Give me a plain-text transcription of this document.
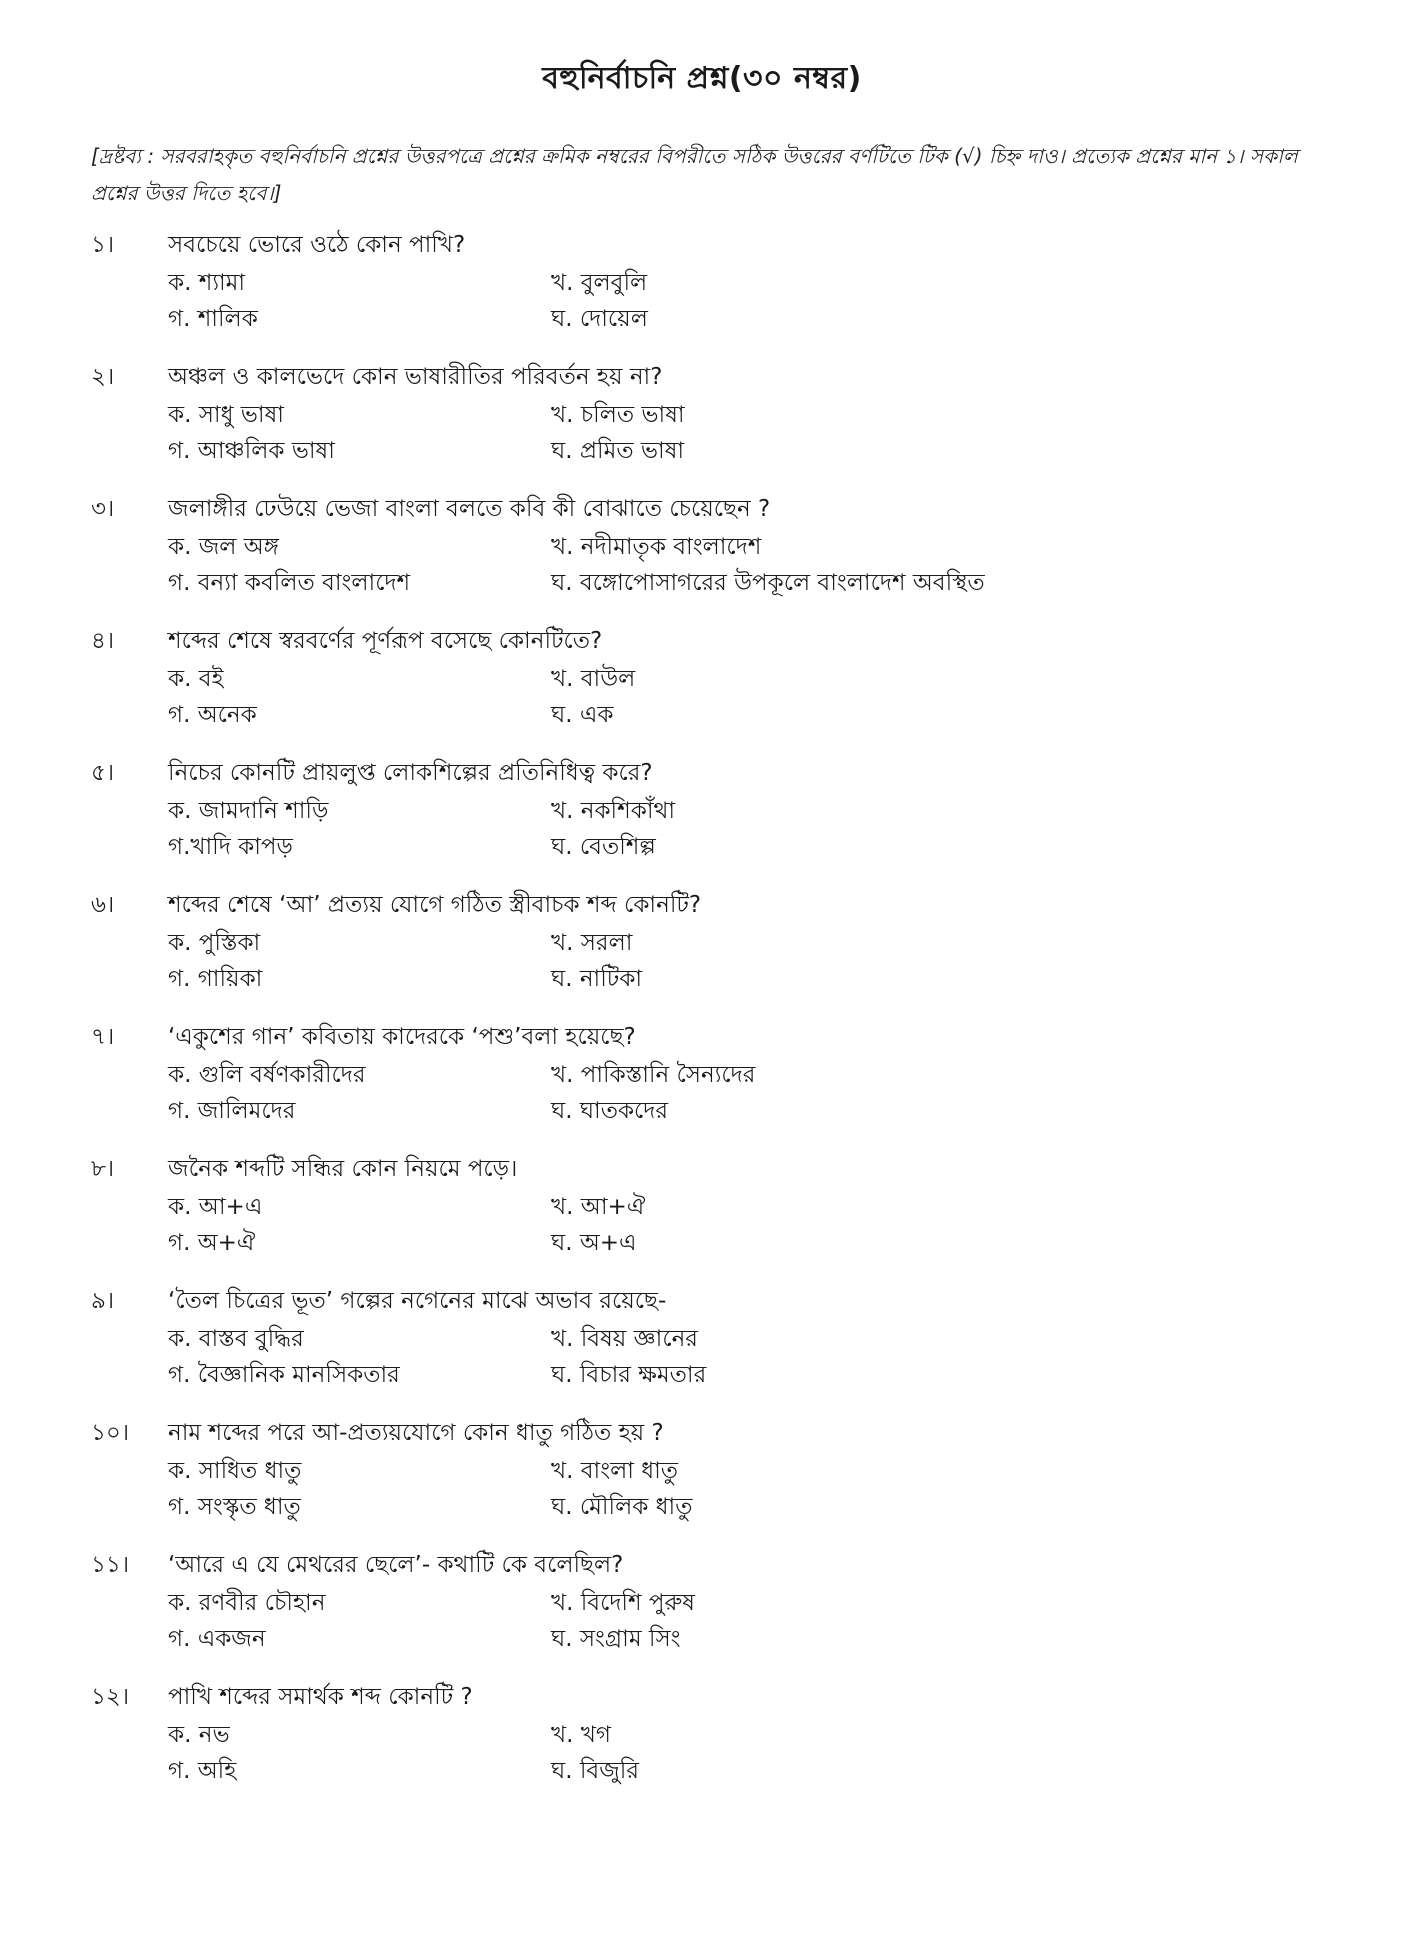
বহুনির্বাচনি প্রশ্ন(৩০ নম্বর)
[দ্রষ্টব্য : সরবরাহকৃত বহুনির্বাচনি প্রশ্নের উত্তরপত্রে প্রশ্নের ক্রমিক নম্বরের বিপরীতে সঠিক উত্তরের বর্ণটিতে টিক (√) চিহ্ন দাও। প্রত্যেক প্রশ্নের মান ১। সকাল প্রশ্নের উত্তর দিতে হবে।]
১।	সবচেয়ে ভোরে ওঠে কোন পাখি?
ক. শ্যামা	খ. বুলবুলি
গ. শালিক	ঘ. দোয়েল
২।	অঞ্চল ও কালভেদে কোন ভাষারীতির পরিবর্তন হয় না?
ক. সাধু ভাষা	খ. চলিত ভাষা
গ. আঞ্চলিক ভাষা	ঘ. প্রমিত ভাষা
৩।	জলাঙ্গীর ঢেউয়ে ভেজা বাংলা বলতে কবি কী বোঝাতে চেয়েছেন ?
ক. জল অঙ্গ	খ. নদীমাতৃক বাংলাদেশ
গ. বন্যা কবলিত বাংলাদেশ	ঘ. বঙ্গোপোসাগরের উপকূলে বাংলাদেশ অবস্থিত
৪।	শব্দের শেষে স্বরবর্ণের পূর্ণরূপ বসেছে কোনটিতে?
ক. বই	খ. বাউল
গ. অনেক	ঘ. এক
৫।	নিচের কোনটি প্রায়লুপ্ত লোকশিল্পের প্রতিনিধিত্ব করে?
ক. জামদানি শাড়ি	খ. নকশিকাঁথা
গ.খাদি কাপড়	ঘ. বেতশিল্প
৬।	শব্দের শেষে ‘আ’ প্রত্যয় যোগে গঠিত স্ত্রীবাচক শব্দ কোনটি?
ক. পুস্তিকা	খ. সরলা
গ. গায়িকা	ঘ. নাটিকা
৭।	‘একুশের গান’ কবিতায় কাদেরকে ‘পশু’বলা হয়েছে?
ক. গুলি বর্ষণকারীদের	খ. পাকিস্তানি সৈন্যদের
গ. জালিমদের	ঘ. ঘাতকদের
৮।	জনৈক শব্দটি সন্ধির কোন নিয়মে পড়ে।
ক. আ+এ	খ. আ+ঐ
গ. অ+ঐ	ঘ. অ+এ
৯।	‘তৈল চিত্রের ভূত’ গল্পের নগেনের মাঝে অভাব রয়েছে-
ক. বাস্তব বুদ্ধির	খ. বিষয় জ্ঞানের
গ. বৈজ্ঞানিক মানসিকতার	ঘ. বিচার ক্ষমতার
১০।	নাম শব্দের পরে আ-প্রত্যয়যোগে কোন ধাতু গঠিত হয় ?
ক. সাধিত ধাতু	খ. বাংলা ধাতু
গ. সংস্কৃত ধাতু	ঘ. মৌলিক ধাতু
১১।	‘আরে এ যে মেথরের ছেলে’- কথাটি কে বলেছিল?
ক. রণবীর চৌহান	খ. বিদেশি পুরুষ
গ. একজন	ঘ. সংগ্রাম সিং
১২।	পাখি শব্দের সমার্থক শব্দ কোনটি ?
ক. নভ	খ. খগ
গ. অহি	ঘ. বিজুরি
